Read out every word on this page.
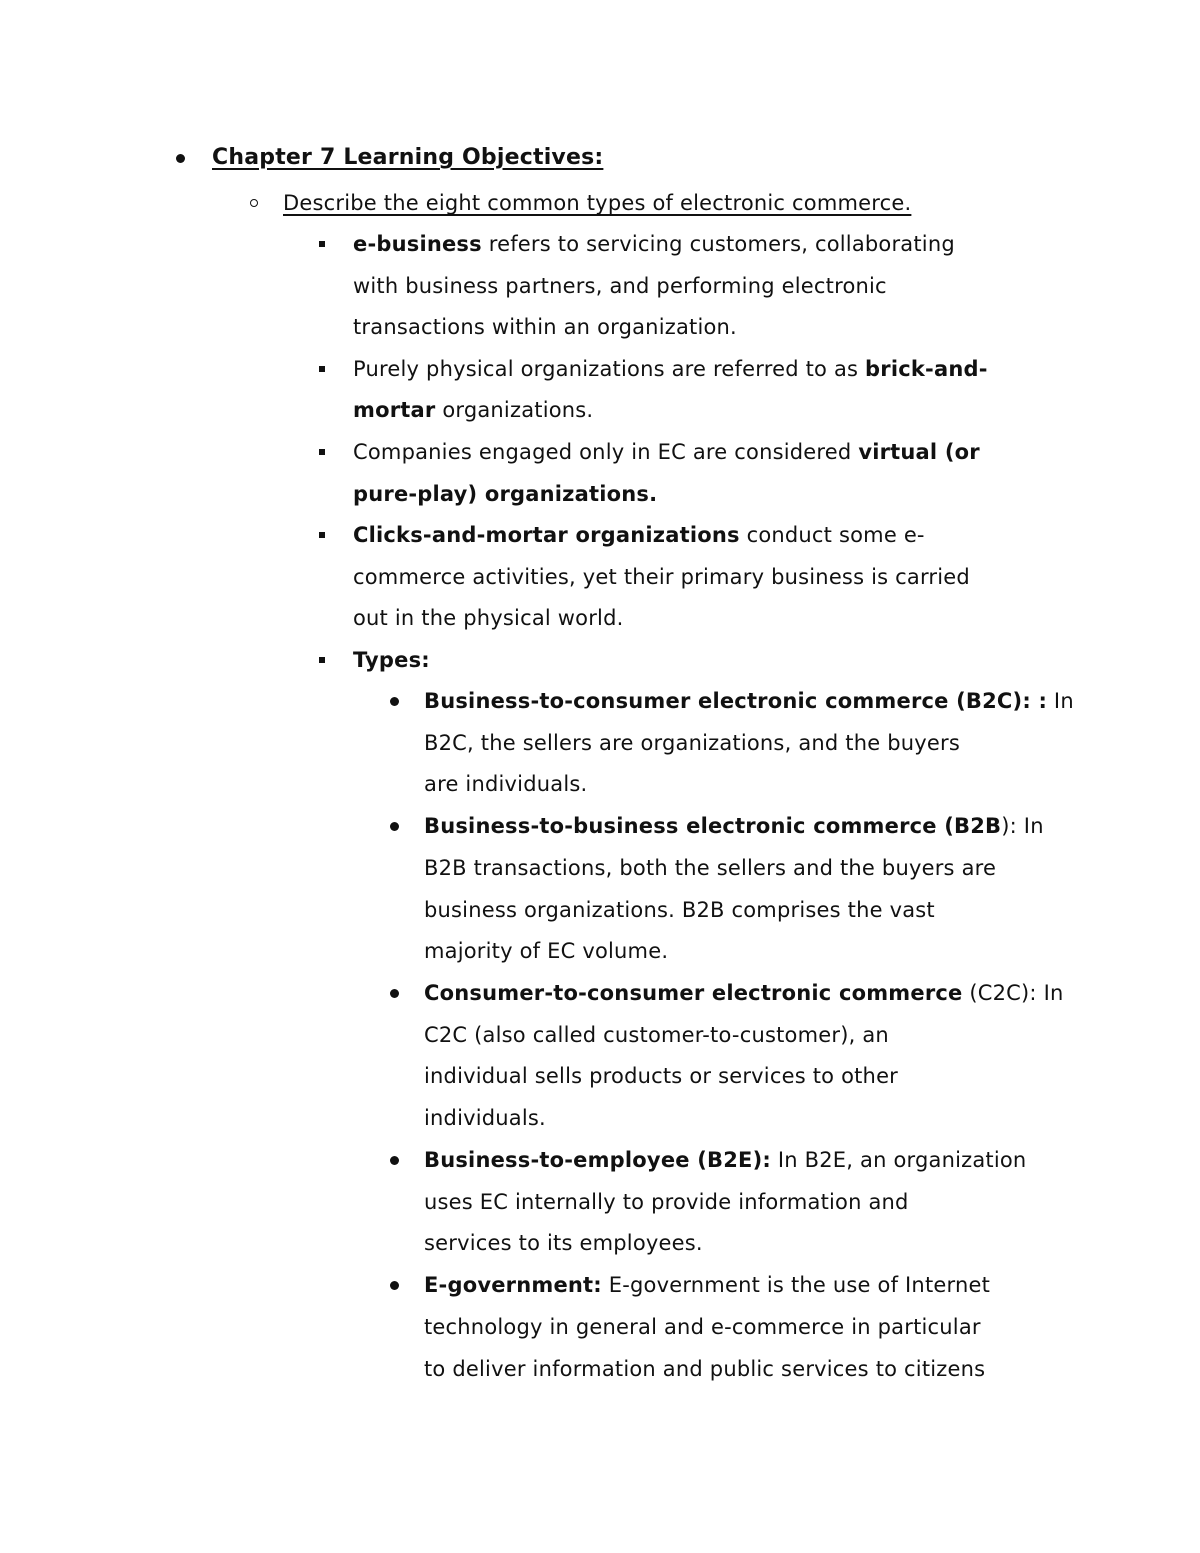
Chapter 7 Learning Objectives:
Describe the eight common types of electronic commerce.
e-business refers to servicing customers, collaborating
with business partners, and performing electronic
transactions within an organization.
Purely physical organizations are referred to as brick-and-
mortar organizations.
Companies engaged only in EC are considered virtual (or
pure-play) organizations.
Clicks-and-mortar organizations conduct some e-
commerce activities, yet their primary business is carried
out in the physical world.
Types:
Business-to-consumer electronic commerce (B2C): : In
B2C, the sellers are organizations, and the buyers
are individuals.
Business-to-business electronic commerce (B2B): In
B2B transactions, both the sellers and the buyers are
business organizations. B2B comprises the vast
majority of EC volume.
Consumer-to-consumer electronic commerce (C2C): In
C2C (also called customer-to-customer), an
individual sells products or services to other
individuals.
Business-to-employee (B2E): In B2E, an organization
uses EC internally to provide information and
services to its employees.
E-government: E-government is the use of Internet
technology in general and e-commerce in particular
to deliver information and public services to citizens
